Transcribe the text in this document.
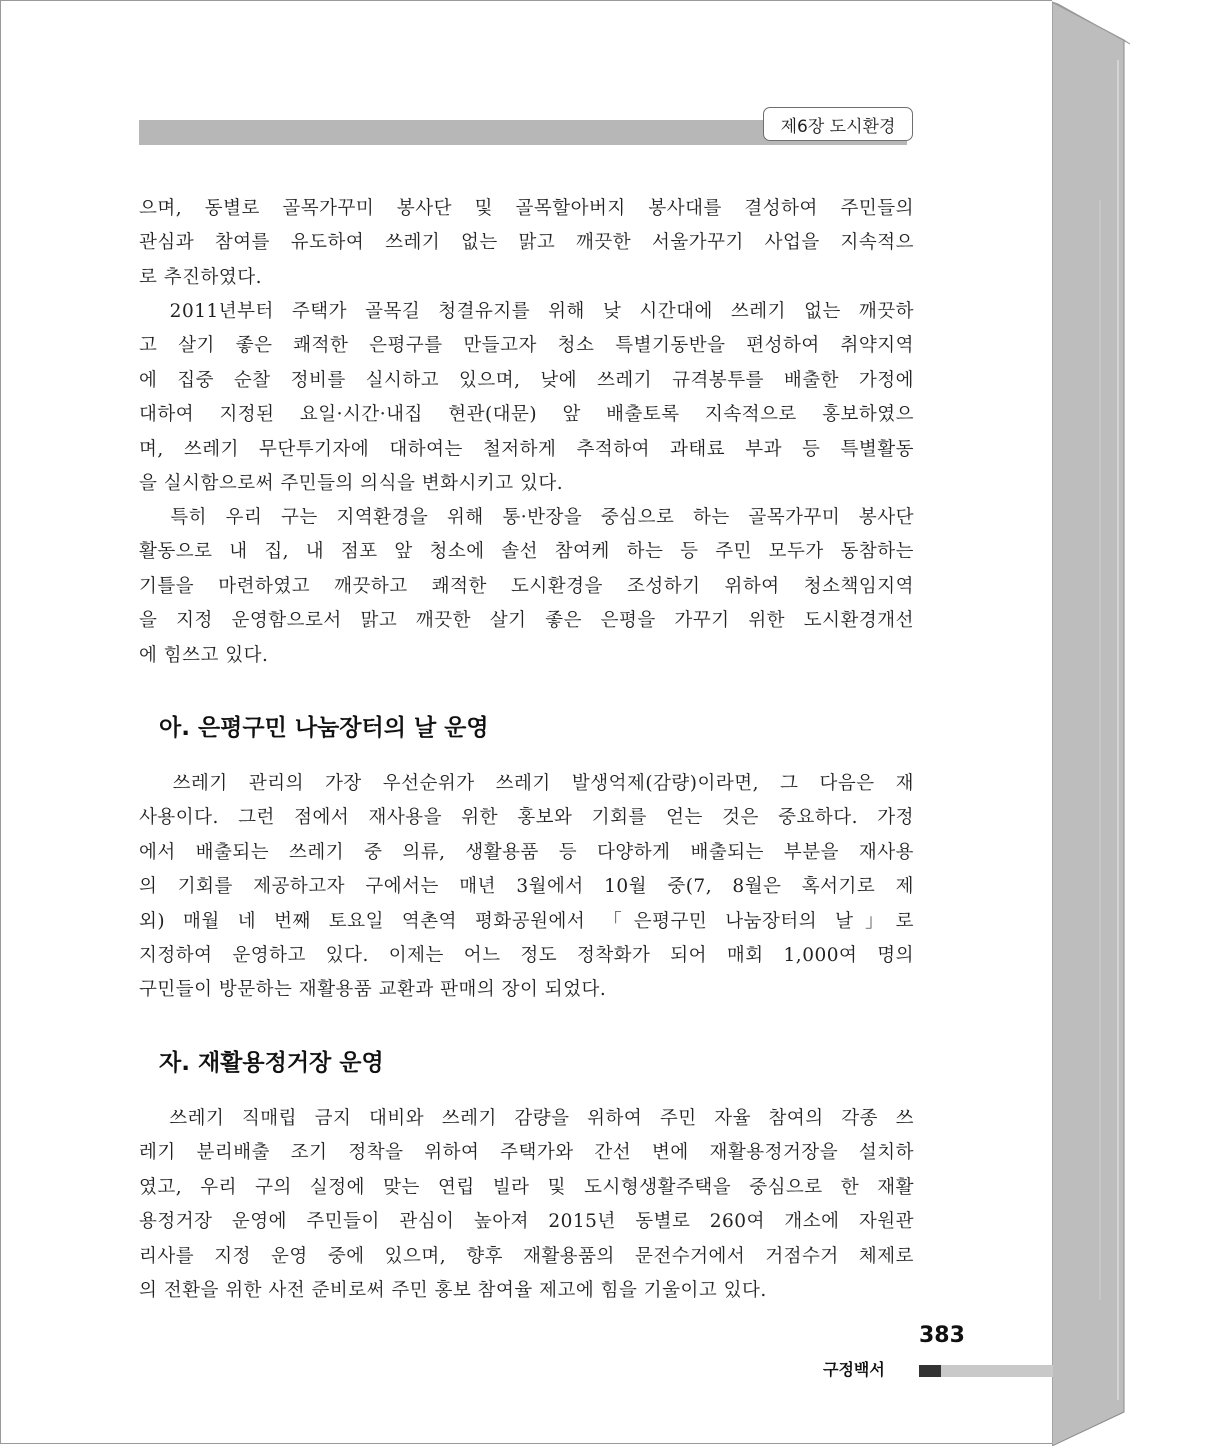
제6장 도시환경
으며, 동별로 골목가꾸미 봉사단 및 골목할아버지 봉사대를 결성하여 주민들의
관심과 참여를 유도하여 쓰레기 없는 맑고 깨끗한 서울가꾸기 사업을 지속적으
로 추진하였다.
　2011년부터 주택가 골목길 청결유지를 위해 낮 시간대에 쓰레기 없는 깨끗하
고 살기 좋은 쾌적한 은평구를 만들고자 청소 특별기동반을 편성하여 취약지역
에 집중 순찰 정비를 실시하고 있으며, 낮에 쓰레기 규격봉투를 배출한 가정에
대하여 지정된 요일·시간·내집 현관(대문) 앞 배출토록 지속적으로 홍보하였으
며, 쓰레기 무단투기자에 대하여는 철저하게 추적하여 과태료 부과 등 특별활동
을 실시함으로써 주민들의 의식을 변화시키고 있다.
　특히 우리 구는 지역환경을 위해 통·반장을 중심으로 하는 골목가꾸미 봉사단
활동으로 내 집, 내 점포 앞 청소에 솔선 참여케 하는 등 주민 모두가 동참하는
기틀을 마련하였고 깨끗하고 쾌적한 도시환경을 조성하기 위하여 청소책임지역
을 지정 운영함으로서 맑고 깨끗한 살기 좋은 은평을 가꾸기 위한 도시환경개선
에 힘쓰고 있다.
아. 은평구민 나눔장터의 날 운영
　쓰레기 관리의 가장 우선순위가 쓰레기 발생억제(감량)이라면, 그 다음은 재
사용이다. 그런 점에서 재사용을 위한 홍보와 기회를 얻는 것은 중요하다. 가정
에서 배출되는 쓰레기 중 의류, 생활용품 등 다양하게 배출되는 부분을 재사용
의 기회를 제공하고자 구에서는 매년 3월에서 10월 중(7, 8월은 혹서기로 제
외) 매월 네 번째 토요일 역촌역 평화공원에서 「은평구민 나눔장터의 날」로
지정하여 운영하고 있다. 이제는 어느 정도 정착화가 되어 매회 1,000여 명의
구민들이 방문하는 재활용품 교환과 판매의 장이 되었다.
자. 재활용정거장 운영
　쓰레기 직매립 금지 대비와 쓰레기 감량을 위하여 주민 자율 참여의 각종 쓰
레기 분리배출 조기 정착을 위하여 주택가와 간선 변에 재활용정거장을 설치하
였고, 우리 구의 실정에 맞는 연립 빌라 및 도시형생활주택을 중심으로 한 재활
용정거장 운영에 주민들이 관심이 높아져 2015년 동별로 260여 개소에 자원관
리사를 지정 운영 중에 있으며, 향후 재활용품의 문전수거에서 거점수거 체제로
의 전환을 위한 사전 준비로써 주민 홍보 참여율 제고에 힘을 기울이고 있다.
383
구정백서
